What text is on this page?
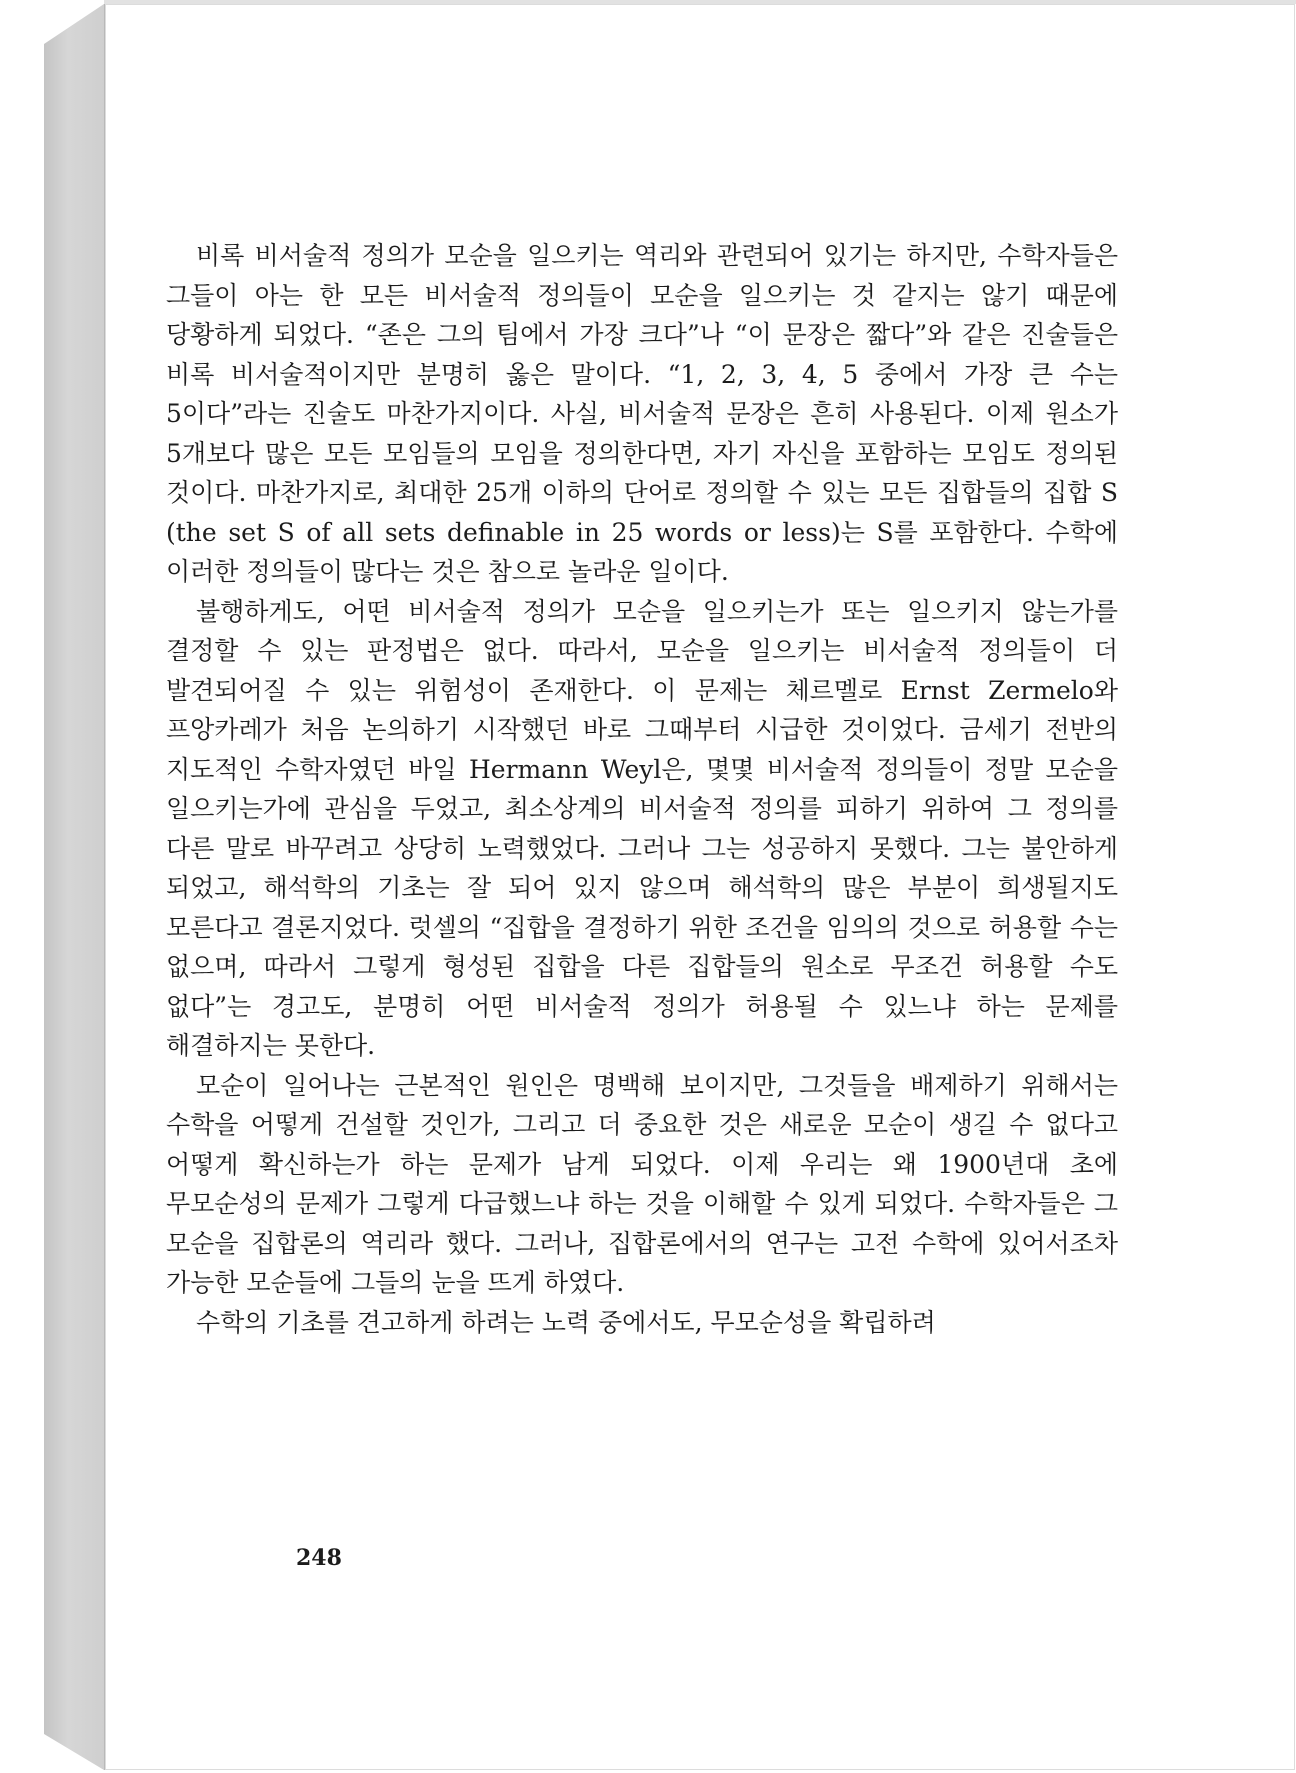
비록 비서술적 정의가 모순을 일으키는 역리와 관련되어 있기는 하지만, 수학자들은 그들이 아는 한 모든 비서술적 정의들이 모순을 일으키는 것 같지는 않기 때문에 당황하게 되었다. “존은 그의 팀에서 가장 크다”나 “이 문장은 짧다”와 같은 진술들은 비록 비서술적이지만 분명히 옳은 말이다. “1, 2, 3, 4, 5 중에서 가장 큰 수는 5이다”라는 진술도 마찬가지이다. 사실, 비서술적 문장은 흔히 사용된다. 이제 원소가 5개보다 많은 모든 모임들의 모임을 정의한다면, 자기 자신을 포함하는 모임도 정의된 것이다. 마찬가지로, 최대한 25개 이하의 단어로 정의할 수 있는 모든 집합들의 집합 S (the set S of all sets definable in 25 words or less)는 S를 포함한다. 수학에 이러한 정의들이 많다는 것은 참으로 놀라운 일이다.

불행하게도, 어떤 비서술적 정의가 모순을 일으키는가 또는 일으키지 않는가를 결정할 수 있는 판정법은 없다. 따라서, 모순을 일으키는 비서술적 정의들이 더 발견되어질 수 있는 위험성이 존재한다. 이 문제는 체르멜로 Ernst Zermelo와 프앙카레가 처음 논의하기 시작했던 바로 그때부터 시급한 것이었다. 금세기 전반의 지도적인 수학자였던 바일 Hermann Weyl은, 몇몇 비서술적 정의들이 정말 모순을 일으키는가에 관심을 두었고, 최소상계의 비서술적 정의를 피하기 위하여 그 정의를 다른 말로 바꾸려고 상당히 노력했었다. 그러나 그는 성공하지 못했다. 그는 불안하게 되었고, 해석학의 기초는 잘 되어 있지 않으며 해석학의 많은 부분이 희생될지도 모른다고 결론지었다. 럿셀의 “집합을 결정하기 위한 조건을 임의의 것으로 허용할 수는 없으며, 따라서 그렇게 형성된 집합을 다른 집합들의 원소로 무조건 허용할 수도 없다”는 경고도, 분명히 어떤 비서술적 정의가 허용될 수 있느냐 하는 문제를 해결하지는 못한다.

모순이 일어나는 근본적인 원인은 명백해 보이지만, 그것들을 배제하기 위해서는 수학을 어떻게 건설할 것인가, 그리고 더 중요한 것은 새로운 모순이 생길 수 없다고 어떻게 확신하는가 하는 문제가 남게 되었다. 이제 우리는 왜 1900년대 초에 무모순성의 문제가 그렇게 다급했느냐 하는 것을 이해할 수 있게 되었다. 수학자들은 그 모순을 집합론의 역리라 했다. 그러나, 집합론에서의 연구는 고전 수학에 있어서조차 가능한 모순들에 그들의 눈을 뜨게 하였다.

수학의 기초를 견고하게 하려는 노력 중에서도, 무모순성을 확립하려

248
